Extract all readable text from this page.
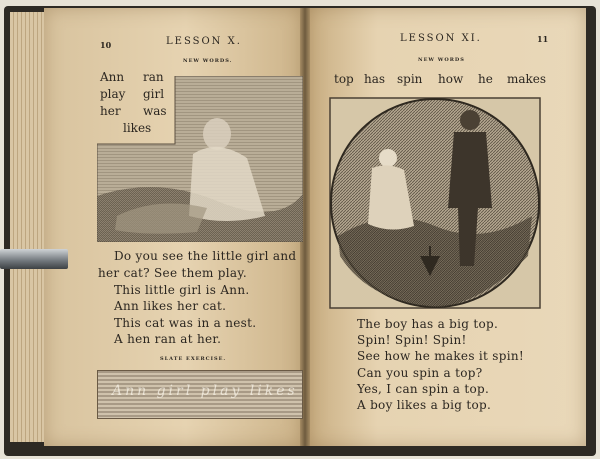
10	LESSON X.
NEW WORDS.
Ann ran
play girl
her was
likes
Do you see the little girl and
her cat? See them play.
This little girl is Ann.
Ann likes her cat.
This cat was in a nest.
A hen ran at her.
SLATE EXERCISE.
Ann girl play likes
LESSON XI.	11
NEW WORDS
top has spin how he makes
The boy has a big top.
Spin! Spin! Spin!
See how he makes it spin!
Can you spin a top?
Yes, I can spin a top.
A boy likes a big top.
